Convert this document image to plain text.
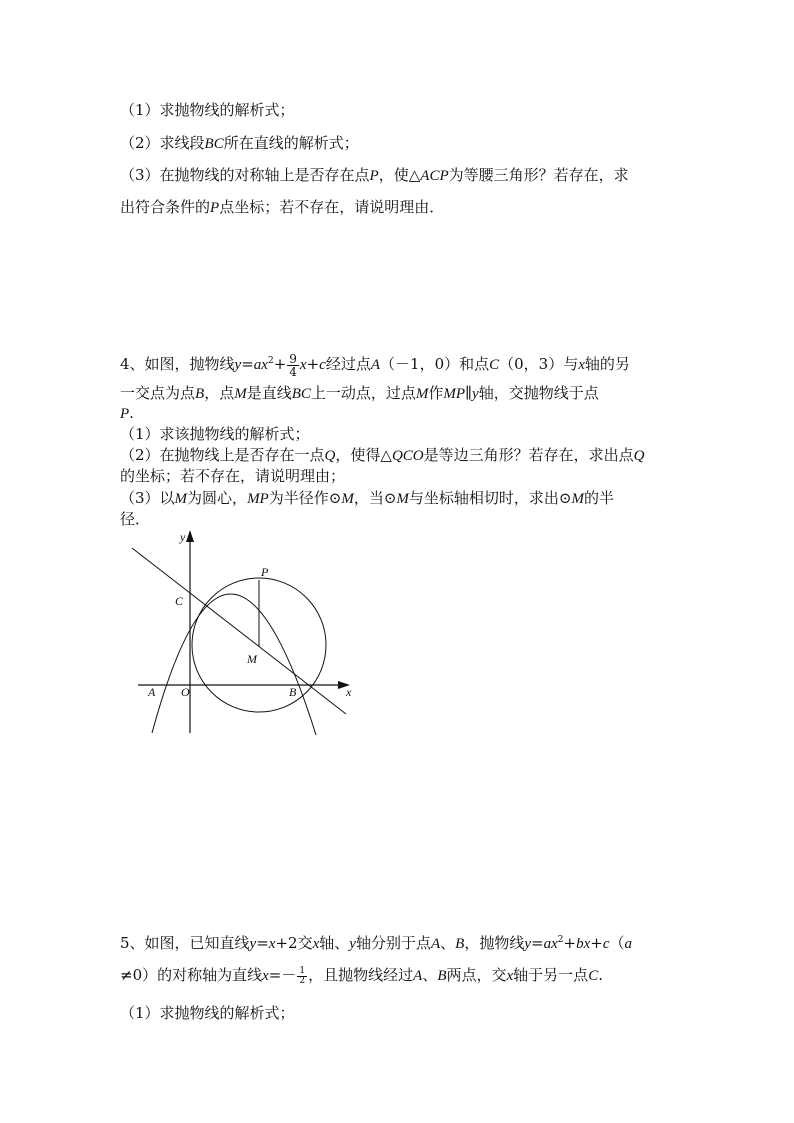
（1）求抛物线的解析式；
（2）求线段BC所在直线的解析式；
（3）在抛物线的对称轴上是否存在点P，使△ACP为等腰三角形？若存在，求
出符合条件的P点坐标；若不存在，请说明理由．
4、如图，抛物线$y=ax^2+ \frac{9}{4} x+c$经过点A（－1，0）和点C（0，3）与x轴的另
一交点为点B，点M是直线BC上一动点，过点M作MP∥y轴，交抛物线于点
P.
（1）求该抛物线的解析式；
（2）在抛物线上是否存在一点Q，使得△QCO是等边三角形？若存在，求出点Q
的坐标；若不存在，请说明理由；
（3）以M为圆心，MP为半径作⊙M，当⊙M与坐标轴相切时，求出⊙M的半
径．
y
P
C
M
A O	B	x
5、如图，已知直线y=x+2交x轴、y轴分别于点A、B，抛物线$y=ax^2+bx+c(a$
≠0）的对称轴为直线$x=- \frac{1}{2}$ ，且抛物线经过A、B两点，交x轴于另一点C.
（1）求抛物线的解析式；
